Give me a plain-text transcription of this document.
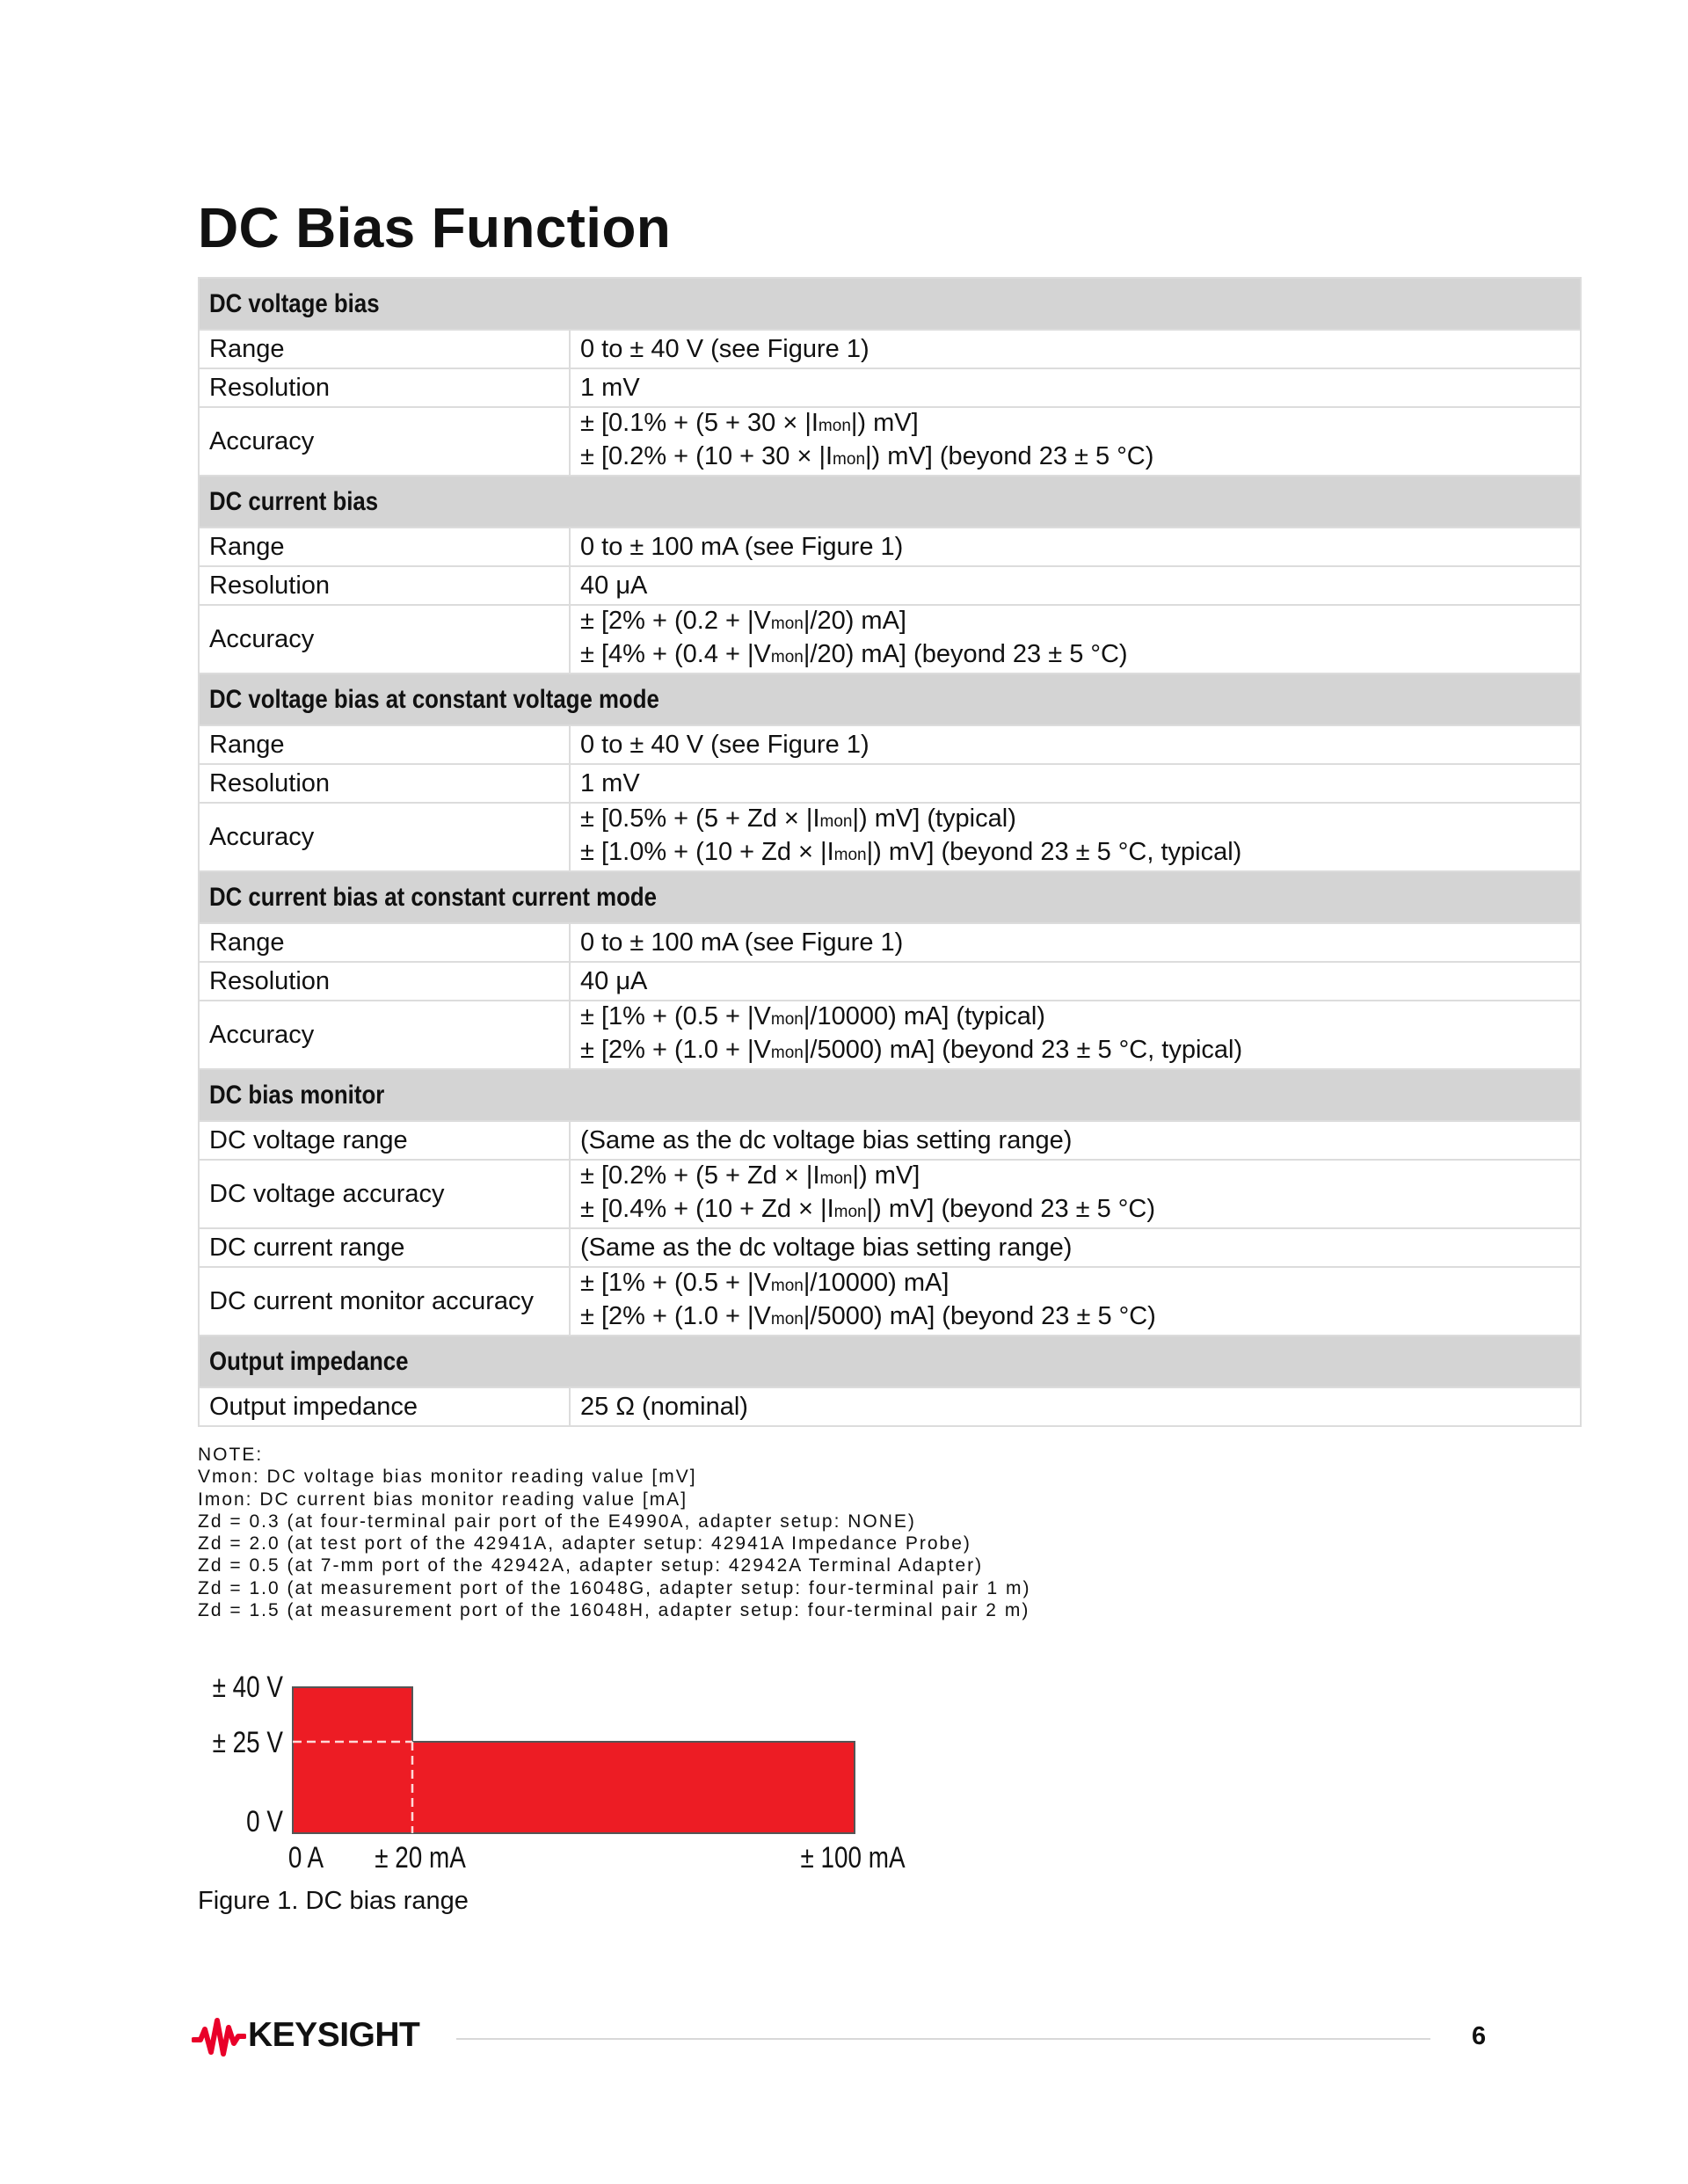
DC Bias Function
DC voltage bias	
Range	0 to ± 40 V (see Figure 1)

Resolution	1 mV

Accuracy	± [0.1% + (5 + 30 × |Imon|) mV]
± [0.2% + (10 + 30 × |Imon|) mV] (beyond 23 ± 5 °C)

DC current bias	
Range	0 to ± 100 mA (see Figure 1)

Resolution	40 μA

Accuracy	± [2% + (0.2 + |Vmon|/20) mA]
± [4% + (0.4 + |Vmon|/20) mA] (beyond 23 ± 5 °C)

DC voltage bias at constant voltage mode	
Range	0 to ± 40 V (see Figure 1)

Resolution	1 mV

Accuracy	± [0.5% + (5 + Zd × |Imon|) mV] (typical)
± [1.0% + (10 + Zd × |Imon|) mV] (beyond 23 ± 5 °C, typical)

DC current bias at constant current mode	
Range	0 to ± 100 mA (see Figure 1)

Resolution	40 μA

Accuracy	± [1% + (0.5 + |Vmon|/10000) mA] (typical)
± [2% + (1.0 + |Vmon|/5000) mA] (beyond 23 ± 5 °C, typical)

DC bias monitor	
DC voltage range	(Same as the dc voltage bias setting range)

DC voltage accuracy	± [0.2% + (5 + Zd × |Imon|) mV]
± [0.4% + (10 + Zd × |Imon|) mV] (beyond 23 ± 5 °C)

DC current range	(Same as the dc voltage bias setting range)

DC current monitor accuracy	± [1% + (0.5 + |Vmon|/10000) mA]
± [2% + (1.0 + |Vmon|/5000) mA] (beyond 23 ± 5 °C)

Output impedance	
Output impedance	25 Ω (nominal)
NOTE:
Vmon: DC voltage bias monitor reading value [mV]
Imon: DC current bias monitor reading value [mA]
Zd = 0.3 (at four-terminal pair port of the E4990A, adapter setup: NONE)
Zd = 2.0 (at test port of the 42941A, adapter setup: 42941A Impedance Probe)
Zd = 0.5 (at 7-mm port of the 42942A, adapter setup: 42942A Terminal Adapter)
Zd = 1.0 (at measurement port of the 16048G, adapter setup: four-terminal pair 1 m)
Zd = 1.5 (at measurement port of the 16048H, adapter setup: four-terminal pair 2 m)
± 40 V
± 25 V
0 V
0 A ± 20 mA	± 100 mA

Figure 1. DC bias range

KEYSIGHT	6
